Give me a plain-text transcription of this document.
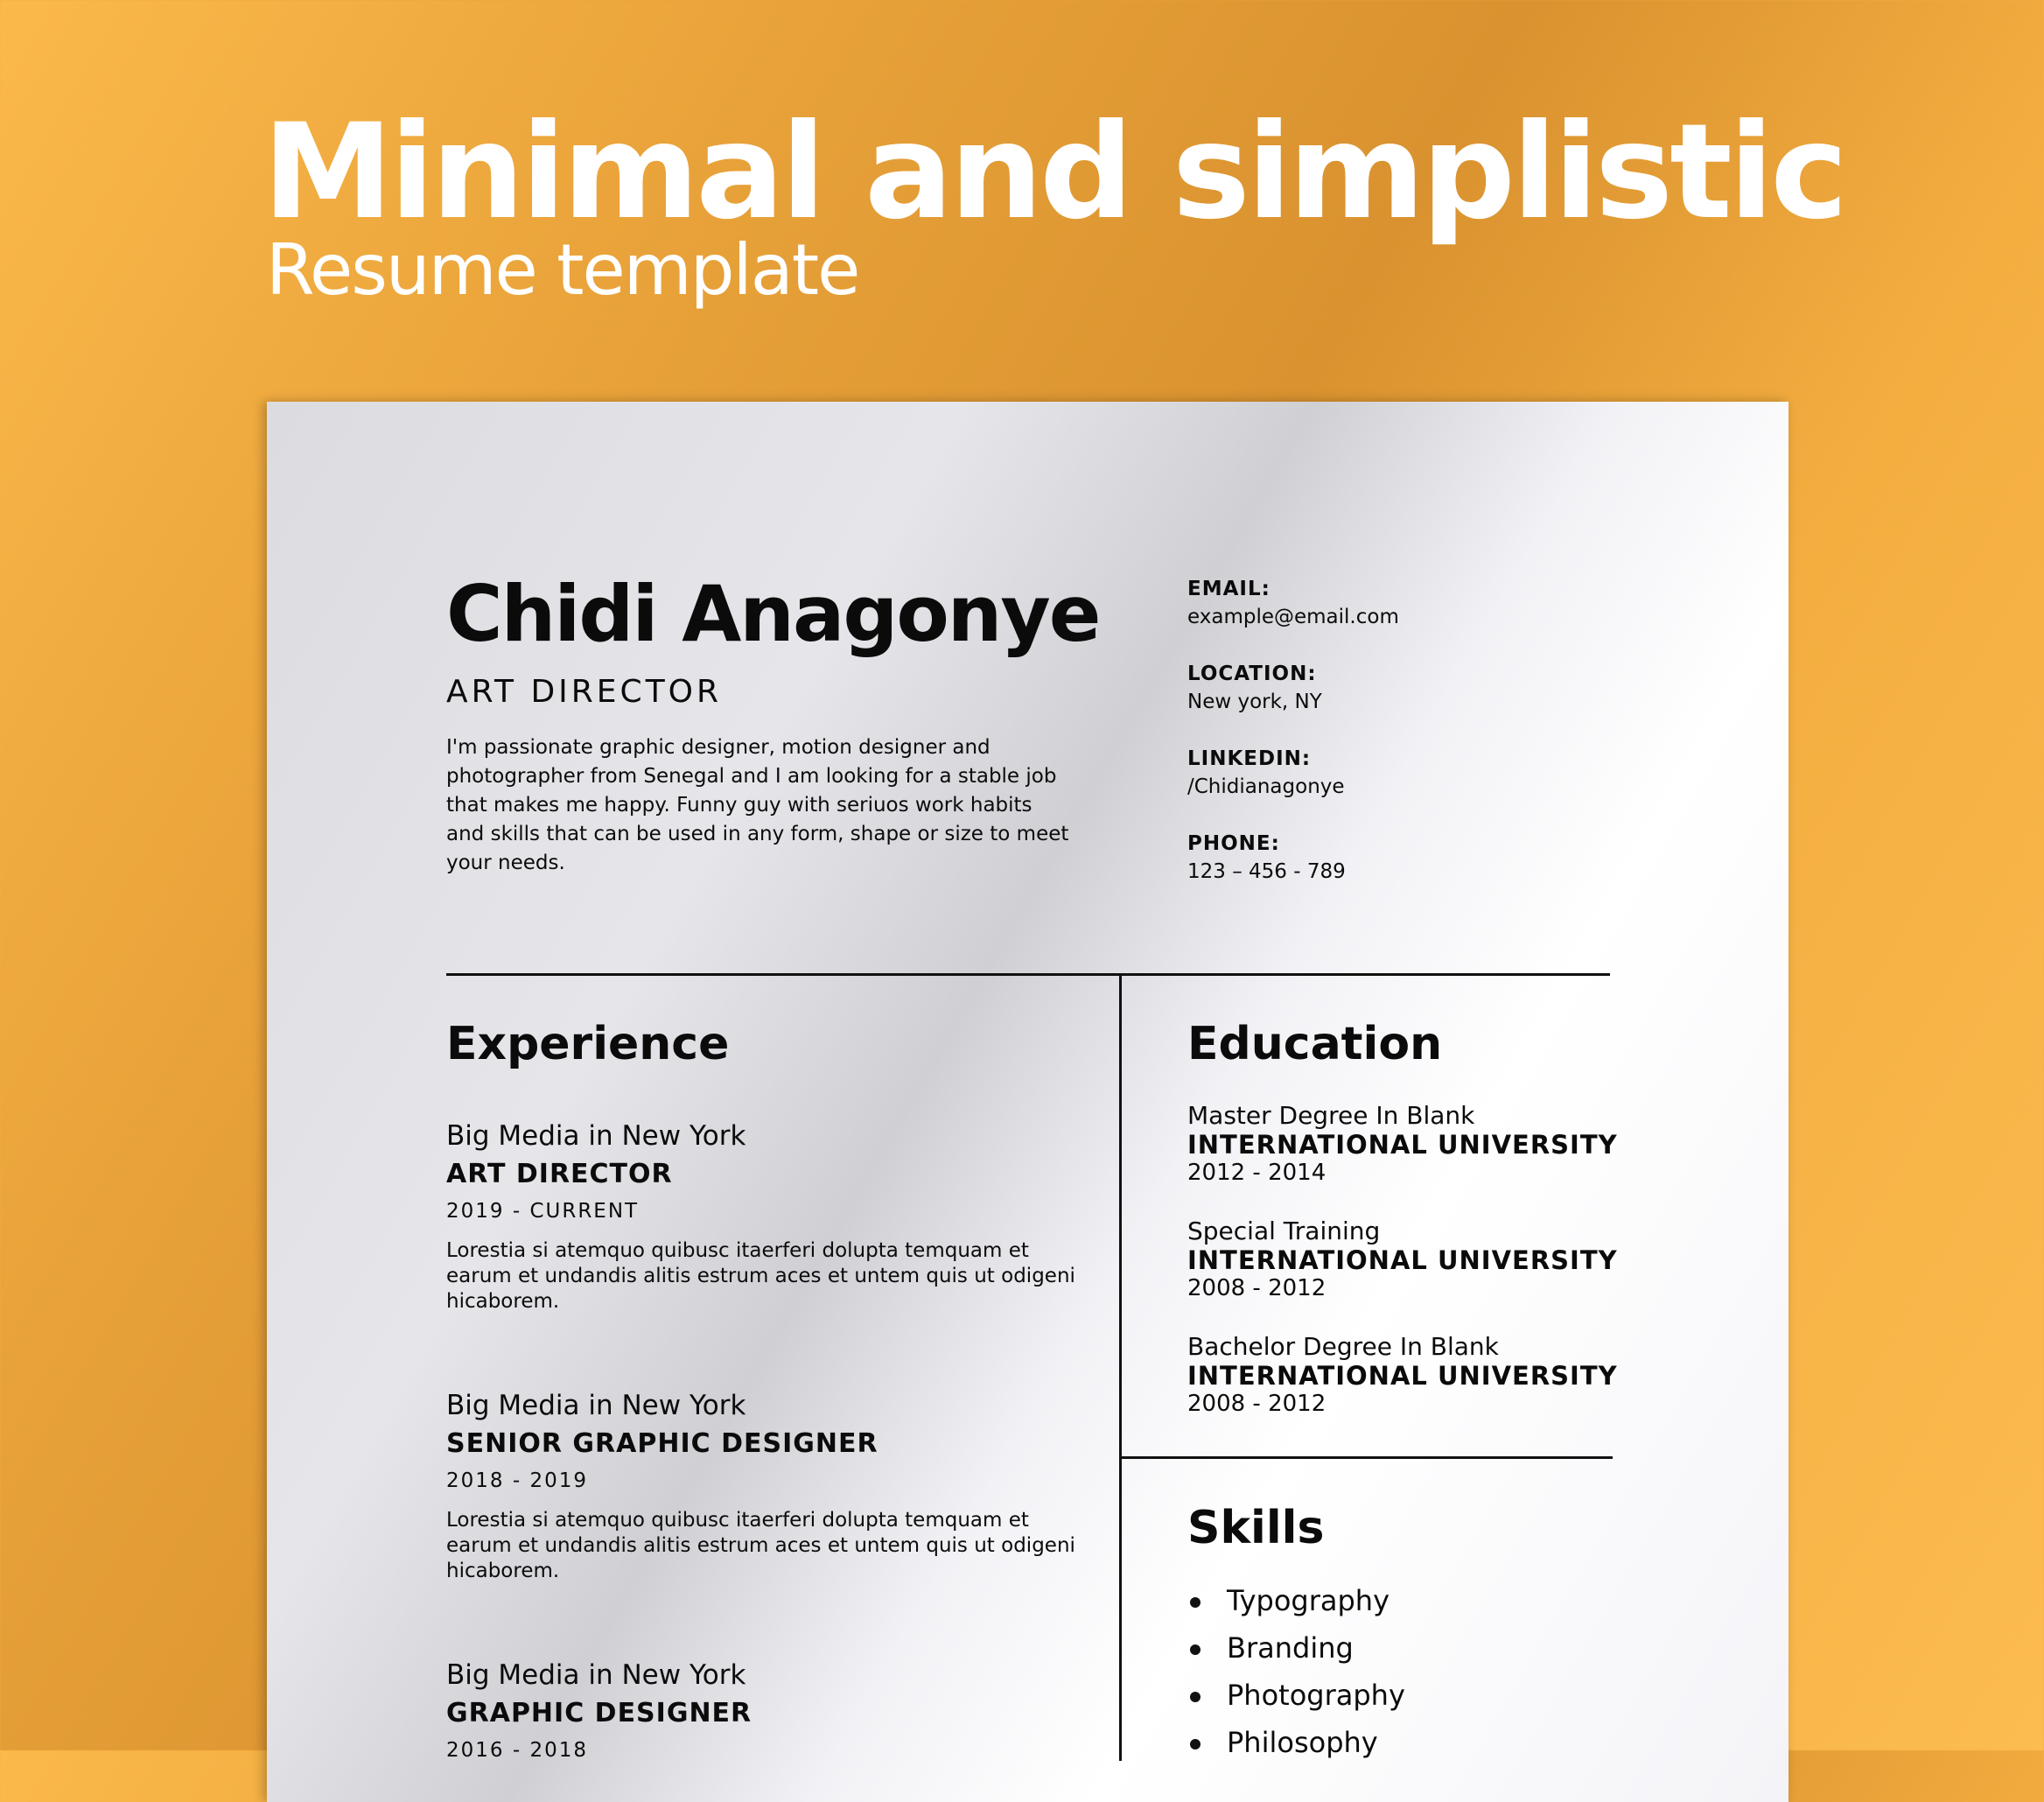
Minimal and simplistic
Resume template
Chidi Anagonye
ART DIRECTOR
I'm passionate graphic designer, motion designer and photographer from Senegal and I am looking for a stable job that makes me happy. Funny guy with seriuos work habits and skills that can be used in any form, shape or size to meet your needs.
EMAIL:
example@email.com
LOCATION:
New york, NY
LINKEDIN:
/Chidianagonye
PHONE:
123 – 456 - 789
Experience
Big Media in New York
ART DIRECTOR
2019 - CURRENT
Lorestia si atemquo quibusc itaerferi dolupta temquam et earum et undandis alitis estrum aces et untem quis ut odigeni hicaborem.
Big Media in New York
SENIOR GRAPHIC DESIGNER
2018 - 2019
Lorestia si atemquo quibusc itaerferi dolupta temquam et earum et undandis alitis estrum aces et untem quis ut odigeni hicaborem.
Big Media in New York
GRAPHIC DESIGNER
2016 - 2018
Education
Master Degree In Blank
INTERNATIONAL UNIVERSITY
2012 - 2014
Special Training
INTERNATIONAL UNIVERSITY
2008 - 2012
Bachelor Degree In Blank
INTERNATIONAL UNIVERSITY
2008 - 2012
Skills
Typography
Branding
Photography
Philosophy
